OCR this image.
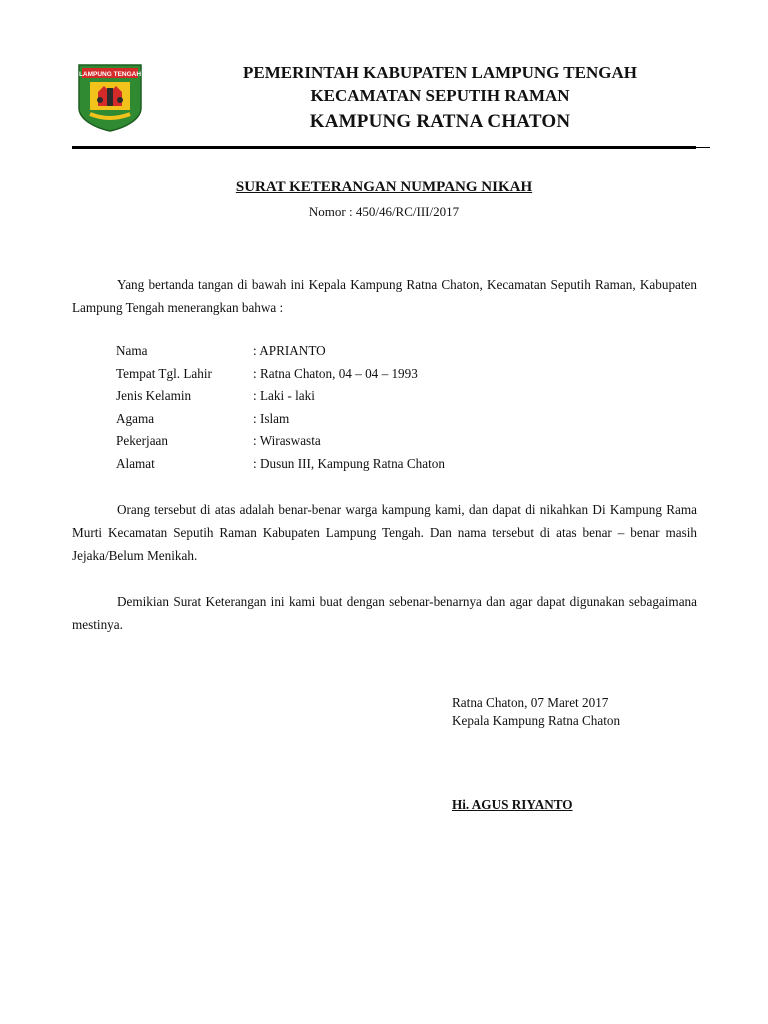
LAMPUNG TENGAH	PEMERINTAH KABUPATEN LAMPUNG TENGAH
KECAMATAN SEPUTIH RAMAN
KAMPUNG RATNA CHATON
SURAT KETERANGAN NUMPANG NIKAH
Nomor : 450/46/RC/III/2017

Yang bertanda tangan di bawah ini Kepala Kampung Ratna Chaton, Kecamatan Seputih Raman, Kabupaten Lampung Tengah menerangkan bahwa :

Nama	: APRIANTO
Tempat Tgl. Lahir	: Ratna Chaton, 04 – 04 – 1993
Jenis Kelamin	: Laki - laki
Agama	: Islam
Pekerjaan	: Wiraswasta
Alamat	: Dusun III, Kampung Ratna Chaton

Orang tersebut di atas adalah benar-benar warga kampung kami, dan dapat di nikahkan Di Kampung Rama Murti Kecamatan Seputih Raman Kabupaten Lampung Tengah. Dan nama tersebut di atas benar – benar masih Jejaka/Belum Menikah.

Demikian Surat Keterangan ini kami buat dengan sebenar-benarnya dan agar dapat digunakan sebagaimana mestinya.

Ratna Chaton, 07 Maret 2017
Kepala Kampung Ratna Chaton
Hi. AGUS RIYANTO
